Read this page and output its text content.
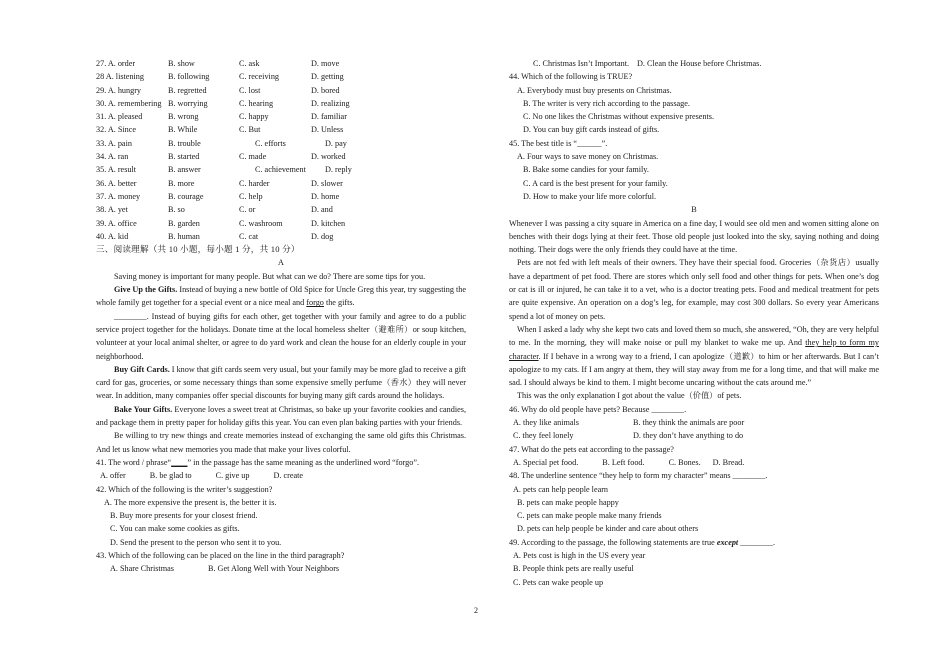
27. A. order	B. show	C. ask	D. move
28 A. listening	B. following	C. receiving	D. getting
29. A. hungry	B. regretted	C. lost	D. bored
30. A. remembering B. worrying	C. hearing	D. realizing
31. A. pleased	B. wrong	C. happy	D. familiar
32. A. Since	B. While	C. But	D. Unless
33. A. pain	B. trouble	C. efforts	D. pay
34. A. ran	B. started	C. made	D. worked
35. A. result	B. answer	C. achievement	D. reply
36. A. better	B. more	C. harder	D. slower
37. A. money	B. courage	C. help	D. home
38. A. yet	B. so	C. or	D. and
39. A. office	B. garden	C. washroom	D. kitchen
40. A. kid	B. human	C. cat	D. dog
三、阅读理解（共 10 小题，每小题 1 分，共 10 分）
A
Saving money is important for many people. But what can we do? There are some tips for you.
Give Up the Gifts. Instead of buying a new bottle of Old Spice for Uncle Greg this year, try suggesting the whole family get together for a special event or a nice meal and forgo the gifts.
________. Instead of buying gifts for each other, get together with your family and agree to do a public service project together for the holidays. Donate time at the local homeless shelter（避难所）or soup kitchen, volunteer at your local animal shelter, or agree to do yard work and clean the house for an elderly couple in your neighborhood.
Buy Gift Cards. I know that gift cards seem very usual, but your family may be more glad to receive a gift card for gas, groceries, or some necessary things than some expensive smelly perfume（香水）they will never wear. In addition, many companies offer special discounts for buying many gift cards around the holidays.
Bake Your Gifts. Everyone loves a sweet treat at Christmas, so bake up your favorite cookies and candies, and package them in pretty paper for holiday gifts this year. You can even plan baking parties with your friends.
Be willing to try new things and create memories instead of exchanging the same old gifts this Christmas. And let us know what new memories you made that make your lives colorful.
41. The word / phrase“____” in the passage has the same meaning as the underlined word “forgo”.
A. offer	B. be glad to	C. give up	D. create
42. Which of the following is the writer’s suggestion?
A. The more expensive the present is, the better it is.
B. Buy more presents for your closest friend.
C. You can make some cookies as gifts.
D. Send the present to the person who sent it to you.
43. Which of the following can be placed on the line in the third paragraph?
A. Share Christmas	B. Get Along Well with Your Neighbors
C. Christmas Isn’t Important. D. Clean the House before Christmas.
44. Which of the following is TRUE?
A. Everybody must buy presents on Christmas.
B. The writer is very rich according to the passage.
C. No one likes the Christmas without expensive presents.
D. You can buy gift cards instead of gifts.
45. The best title is “______”.
A. Four ways to save money on Christmas.
B. Bake some candies for your family.
C. A card is the best present for your family.
D. How to make your life more colorful.
B
Whenever I was passing a city square in America on a fine day, I would see old men and women sitting alone on benches with their dogs lying at their feet. Those old people just looked into the sky, saying nothing and doing nothing. Their dogs were the only friends they could have at the time.
Pets are not fed with left meals of their owners. They have their special food. Groceries（杂货店）usually have a department of pet food. There are stores which only sell food and other things for pets. When one’s dog or cat is ill or injured, he can take it to a vet, who is a doctor treating pets. Food and medical treatment for pets are quite expensive. An operation on a dog’s leg, for example, may cost 300 dollars. So every year Americans spend a lot of money on pets.
When I asked a lady why she kept two cats and loved them so much, she answered, “Oh, they are very helpful to me. In the morning, they will make noise or pull my blanket to wake me up. And they help to form my character. If I behave in a wrong way to a friend, I can apologize（道歉）to him or her afterwards. But I can’t apologize to my cats. If I am angry at them, they will stay away from me for a long time, and that will make me sad. I should always be kind to them. I might become uncaring without the cats around me.”
This was the only explanation I got about the value（价值）of pets.
46. Why do old people have pets? Because ________.
A. they like animals	B. they think the animals are poor
C. they feel lonely	D. they don’t have anything to do
47. What do the pets eat according to the passage?
A. Special pet food.	B. Left food.	C. Bones. D. Bread.
48. The underline sentence “they help to form my character” means ________.
A. pets can help people learn
B. pets can make people happy
C. pets can make people make many friends
D. pets can help people be kinder and care about others
49. According to the passage, the following statements are true except ________.
A. Pets cost is high in the US every year
B. People think pets are really useful
C. Pets can wake people up
2
